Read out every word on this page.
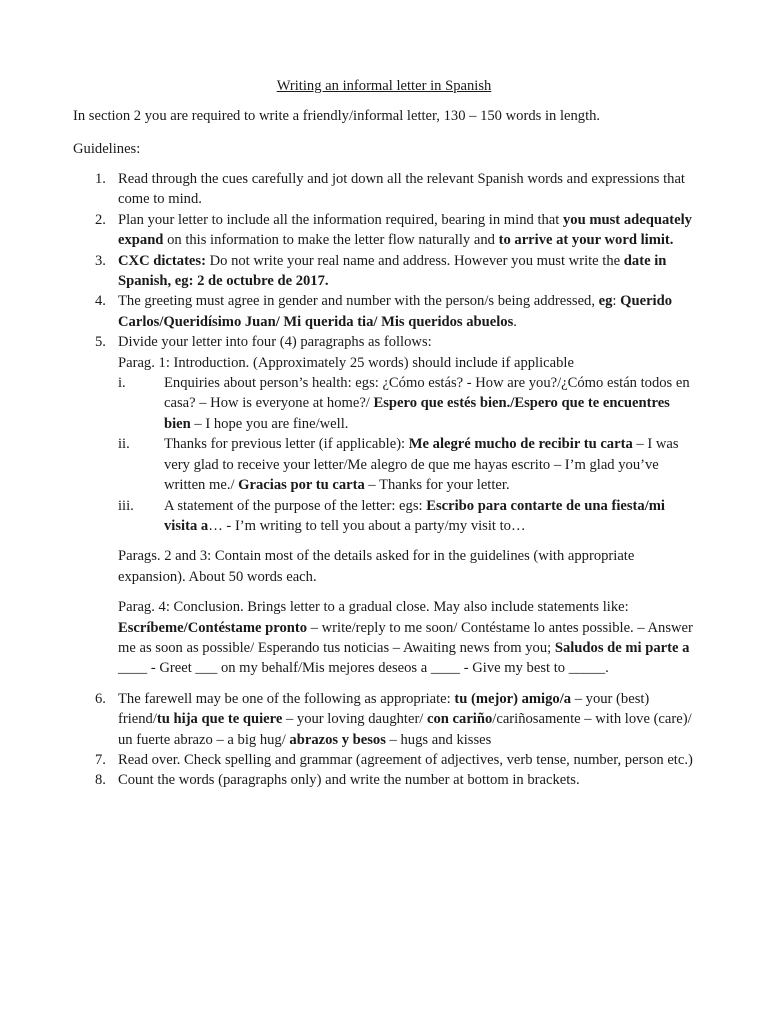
Writing an informal letter in Spanish
In section 2 you are required to write a friendly/informal letter, 130 – 150 words in length.
Guidelines:
1. Read through the cues carefully and jot down all the relevant Spanish words and expressions that come to mind.
2. Plan your letter to include all the information required, bearing in mind that you must adequately expand on this information to make the letter flow naturally and to arrive at your word limit.
3. CXC dictates: Do not write your real name and address. However you must write the date in Spanish, eg: 2 de octubre de 2017.
4. The greeting must agree in gender and number with the person/s being addressed, eg: Querido Carlos/Queridísimo Juan/ Mi querida tia/ Mis queridos abuelos.
5. Divide your letter into four (4) paragraphs as follows:
Parag. 1: Introduction. (Approximately 25 words) should include if applicable
i.	Enquiries about person’s health: egs: ¿Cómo estás? - How are you?/¿Cómo están todos en casa? – How is everyone at home?/ Espero que estés bien./Espero que te encuentres bien – I hope you are fine/well.
ii. Thanks for previous letter (if applicable): Me alegré mucho de recibir tu carta – I was very glad to receive your letter/Me alegro de que me hayas escrito – I’m glad you’ve written me./ Gracias por tu carta – Thanks for your letter.
iii. A statement of the purpose of the letter: egs: Escribo para contarte de una fiesta/mi visita a… - I’m writing to tell you about a party/my visit to…
Parags. 2 and 3: Contain most of the details asked for in the guidelines (with appropriate expansion). About 50 words each.
Parag. 4: Conclusion. Brings letter to a gradual close. May also include statements like: Escríbeme/Contéstame pronto – write/reply to me soon/ Contéstame lo antes possible. – Answer me as soon as possible/ Esperando tus noticias – Awaiting news from you; Saludos de mi parte a ____ - Greet ___ on my behalf/Mis mejores deseos a ____ - Give my best to _____.
6. The farewell may be one of the following as appropriate: tu (mejor) amigo/a – your (best) friend/tu hija que te quiere – your loving daughter/ con cariño/cariñosamente – with love (care)/ un fuerte abrazo – a big hug/ abrazos y besos – hugs and kisses
7. Read over. Check spelling and grammar (agreement of adjectives, verb tense, number, person etc.)
8. Count the words (paragraphs only) and write the number at bottom in brackets.
